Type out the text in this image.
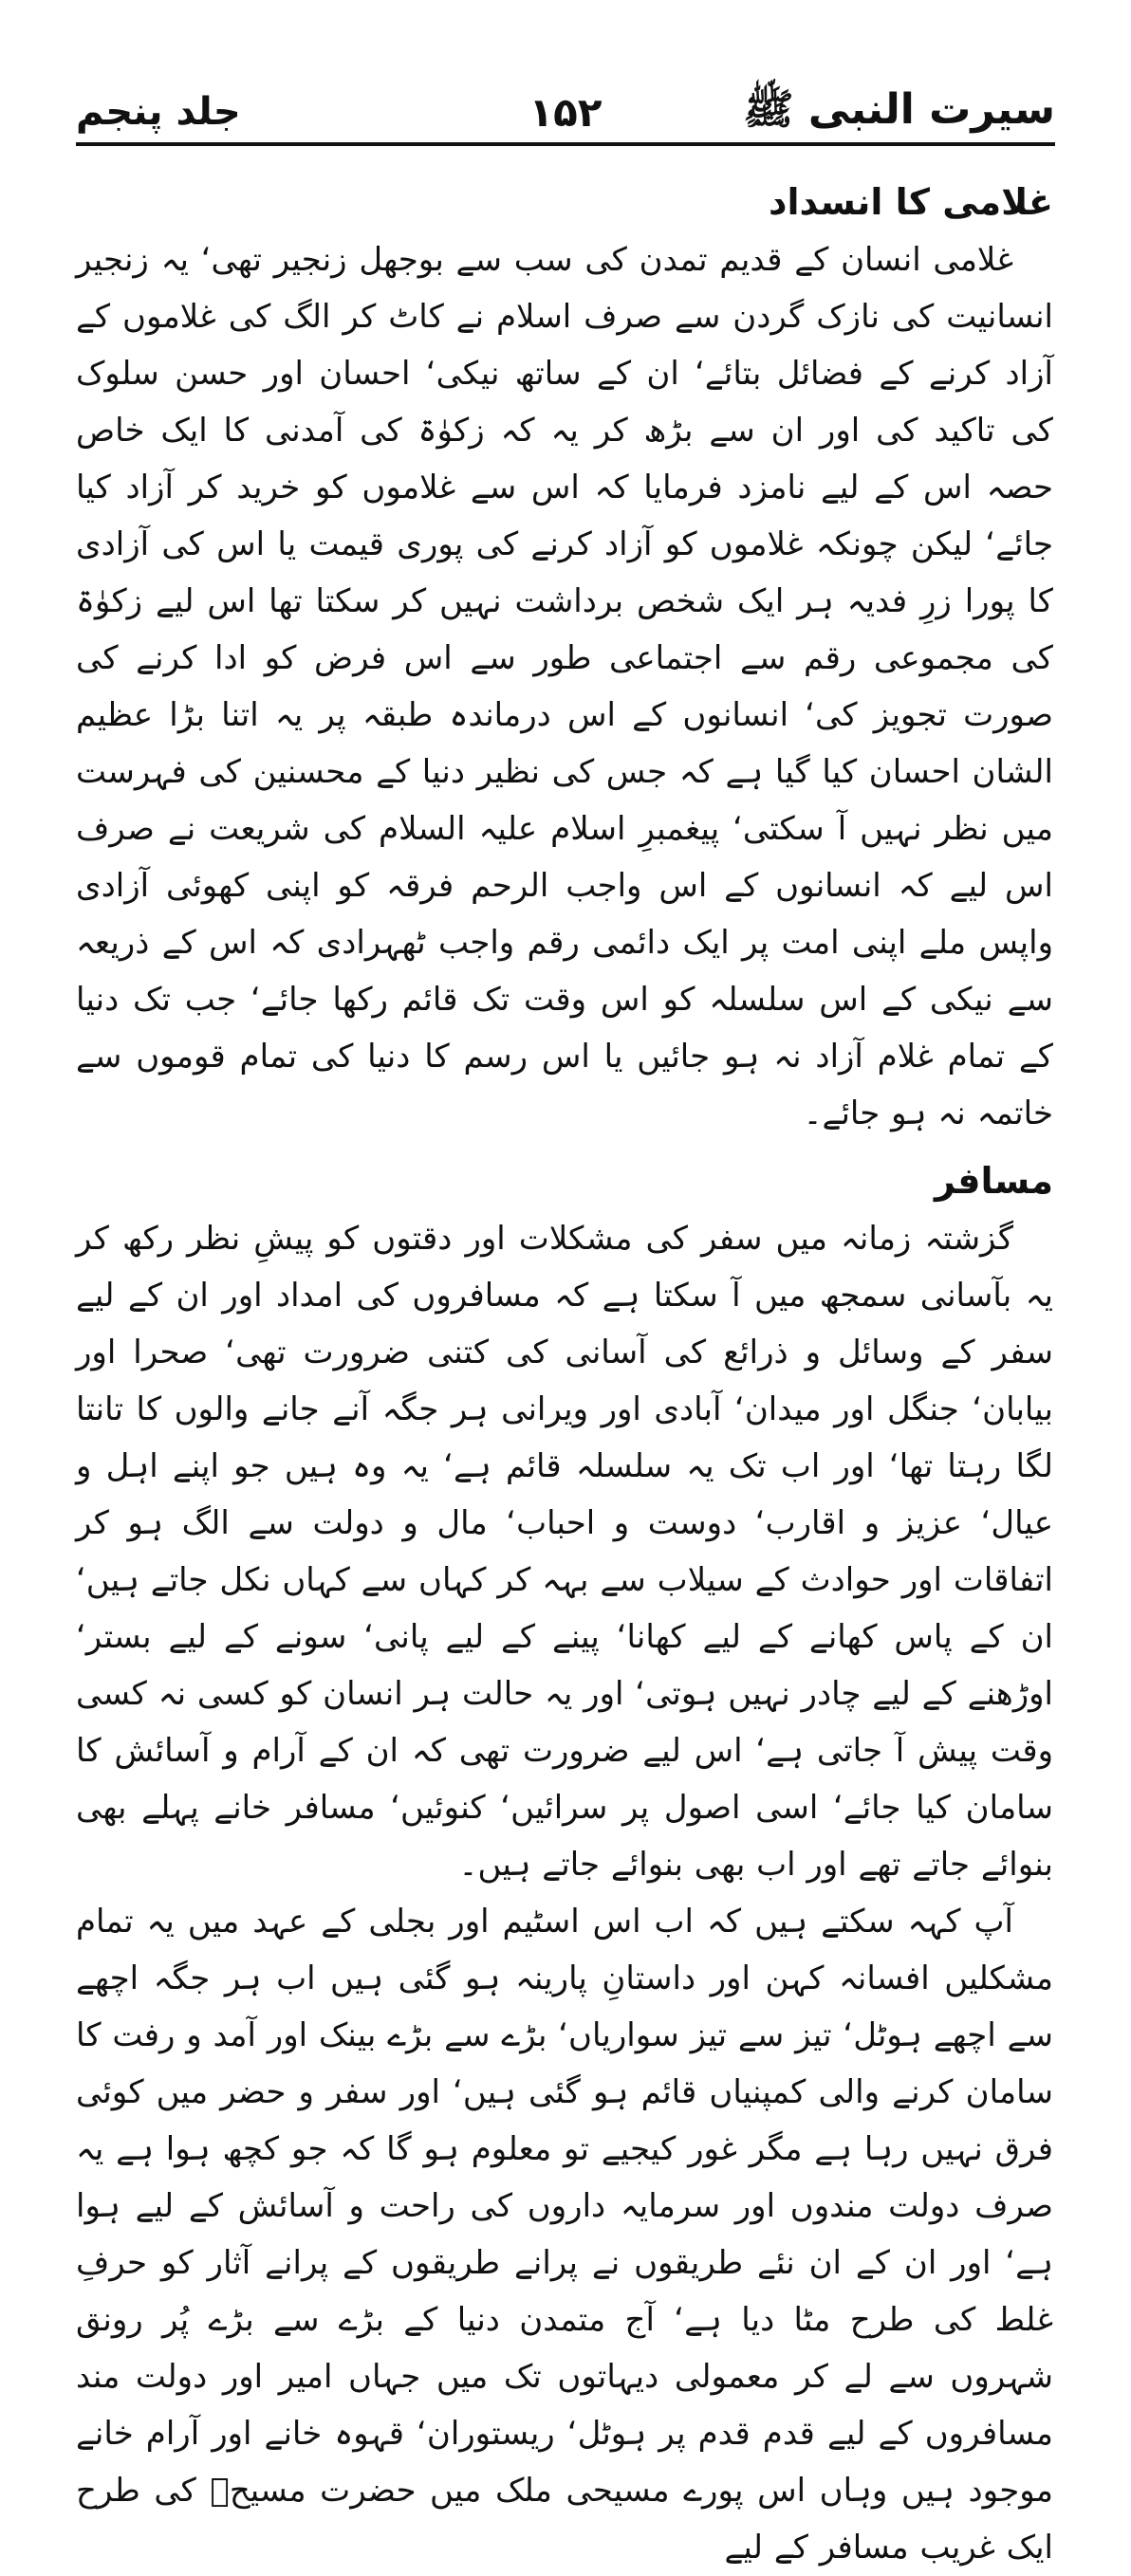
جلد پنجم	۱۵۲	سیرت النبی ﷺ
غلامی کا انسداد

غلامی انسان کے قدیم تمدن کی سب سے بوجھل زنجیر تھی‘ یہ زنجیر انسانیت کی نازک گردن سے صرف اسلام نے کاٹ کر الگ کی غلاموں کے آزاد کرنے کے فضائل بتائے‘ ان کے ساتھ نیکی‘ احسان اور حسن سلوک کی تاکید کی اور ان سے بڑھ کر یہ کہ زکوٰۃ کی آمدنی کا ایک خاص حصہ اس کے لیے نامزد فرمایا کہ اس سے غلاموں کو خرید کر آزاد کیا جائے‘ لیکن چونکہ غلاموں کو آزاد کرنے کی پوری قیمت یا اس کی آزادی کا پورا زرِ فدیہ ہر ایک شخص برداشت نہیں کر سکتا تھا اس لیے زکوٰۃ کی مجموعی رقم سے اجتماعی طور سے اس فرض کو ادا کرنے کی صورت تجویز کی‘ انسانوں کے اس درماندہ طبقہ پر یہ اتنا بڑا عظیم الشان احسان کیا گیا ہے کہ جس کی نظیر دنیا کے محسنین کی فہرست میں نظر نہیں آ سکتی‘ پیغمبرِ اسلام علیہ السلام کی شریعت نے صرف اس لیے کہ انسانوں کے اس واجب الرحم فرقہ کو اپنی کھوئی آزادی واپس ملے اپنی امت پر ایک دائمی رقم واجب ٹھہرادی کہ اس کے ذریعہ سے نیکی کے اس سلسلہ کو اس وقت تک قائم رکھا جائے‘ جب تک دنیا کے تمام غلام آزاد نہ ہو جائیں یا اس رسم کا دنیا کی تمام قوموں سے خاتمہ نہ ہو جائے۔

مسافر

گزشتہ زمانہ میں سفر کی مشکلات اور دقتوں کو پیشِ نظر رکھ کر یہ بآسانی سمجھ میں آ سکتا ہے کہ مسافروں کی امداد اور ان کے لیے سفر کے وسائل و ذرائع کی آسانی کی کتنی ضرورت تھی‘ صحرا اور بیابان‘ جنگل اور میدان‘ آبادی اور ویرانی ہر جگہ آنے جانے والوں کا تانتا لگا رہتا تھا‘ اور اب تک یہ سلسلہ قائم ہے‘ یہ وہ ہیں جو اپنے اہل و عیال‘ عزیز و اقارب‘ دوست و احباب‘ مال و دولت سے الگ ہو کر اتفاقات اور حوادث کے سیلاب سے بہہ کر کہاں سے کہاں نکل جاتے ہیں‘ ان کے پاس کھانے کے لیے کھانا‘ پینے کے لیے پانی‘ سونے کے لیے بستر‘ اوڑھنے کے لیے چادر نہیں ہوتی‘ اور یہ حالت ہر انسان کو کسی نہ کسی وقت پیش آ جاتی ہے‘ اس لیے ضرورت تھی کہ ان کے آرام و آسائش کا سامان کیا جائے‘ اسی اصول پر سرائیں‘ کنوئیں‘ مسافر خانے پہلے بھی بنوائے جاتے تھے اور اب بھی بنوائے جاتے ہیں۔

آپ کہہ سکتے ہیں کہ اب اس اسٹیم اور بجلی کے عہد میں یہ تمام مشکلیں افسانہ کہن اور داستانِ پارینہ ہو گئی ہیں اب ہر جگہ اچھے سے اچھے ہوٹل‘ تیز سے تیز سواریاں‘ بڑے سے بڑے بینک اور آمد و رفت کا سامان کرنے والی کمپنیاں قائم ہو گئی ہیں‘ اور سفر و حضر میں کوئی فرق نہیں رہا ہے مگر غور کیجیے تو معلوم ہو گا کہ جو کچھ ہوا ہے یہ صرف دولت مندوں اور سرمایہ داروں کی راحت و آسائش کے لیے ہوا ہے‘ اور ان کے ان نئے طریقوں نے پرانے طریقوں کے پرانے آثار کو حرفِ غلط کی طرح مٹا دیا ہے‘ آج متمدن دنیا کے بڑے سے بڑے پُر رونق شہروں سے لے کر معمولی دیہاتوں تک میں جہاں امیر اور دولت مند مسافروں کے لیے قدم قدم پر ہوٹل‘ ریستوران‘ قہوہ خانے اور آرام خانے موجود ہیں وہاں اس پورے مسیحی ملک میں حضرت مسیحؑ کی طرح ایک غریب مسافر کے لیے
